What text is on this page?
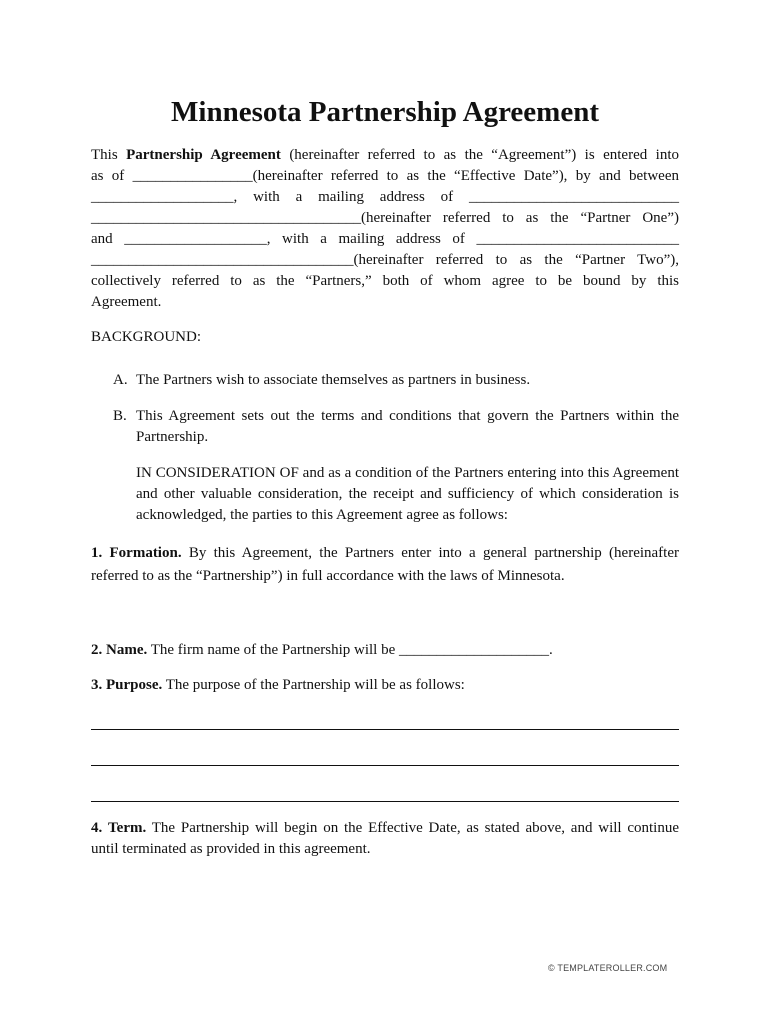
Minnesota Partnership Agreement
This Partnership Agreement (hereinafter referred to as the “Agreement”) is entered into
as of ________________(hereinafter referred to as the “Effective Date”), by and between
___________________, with a mailing address of ____________________________
____________________________________(hereinafter referred to as the “Partner One”)
and ___________________, with a mailing address of ___________________________
___________________________________(hereinafter referred to as the “Partner Two”),
collectively referred to as the “Partners,” both of whom agree to be bound by this
Agreement.
BACKGROUND:
A. The Partners wish to associate themselves as partners in business.
B. This Agreement sets out the terms and conditions that govern the Partners within the Partnership.
IN CONSIDERATION OF and as a condition of the Partners entering into this Agreement and other valuable consideration, the receipt and sufficiency of which consideration is acknowledged, the parties to this Agreement agree as follows:
1. Formation. By this Agreement, the Partners enter into a general partnership (hereinafter referred to as the “Partnership”) in full accordance with the laws of Minnesota.
2. Name. The firm name of the Partnership will be ____________________.
3. Purpose. The purpose of the Partnership will be as follows:
4. Term. The Partnership will begin on the Effective Date, as stated above, and will continue until terminated as provided in this agreement.
© TEMPLATEROLLER.COM
